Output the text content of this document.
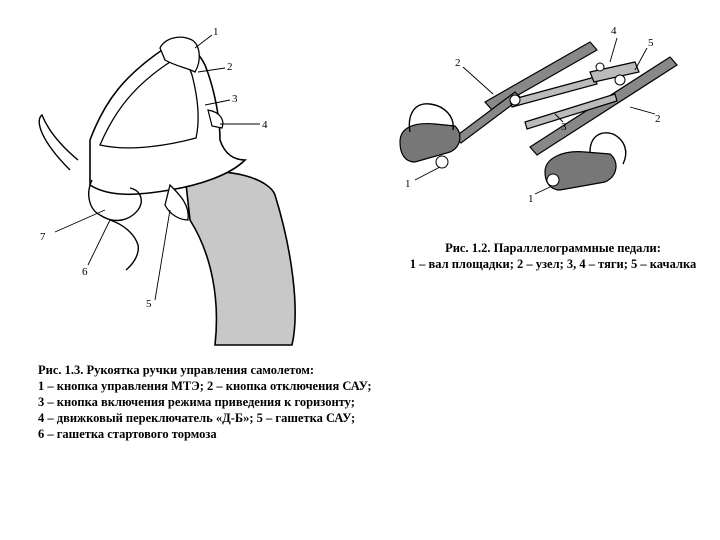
1
2
3
4
5
6
7
1
1
2
2
3
4
5
Рис. 1.2. Параллелограммные педали:
1 – вал площадки; 2 – узел; 3, 4 – тяги; 5 – качалка
Рис. 1.3. Рукоятка ручки управления самолетом:
1 – кнопка управления МТЭ; 2 – кнопка отключения САУ;
3 – кнопка включения режима приведения к горизонту;
4 – движковый переключатель «Д-Б»; 5 – гашетка САУ;
6 – гашетка стартового тормоза
